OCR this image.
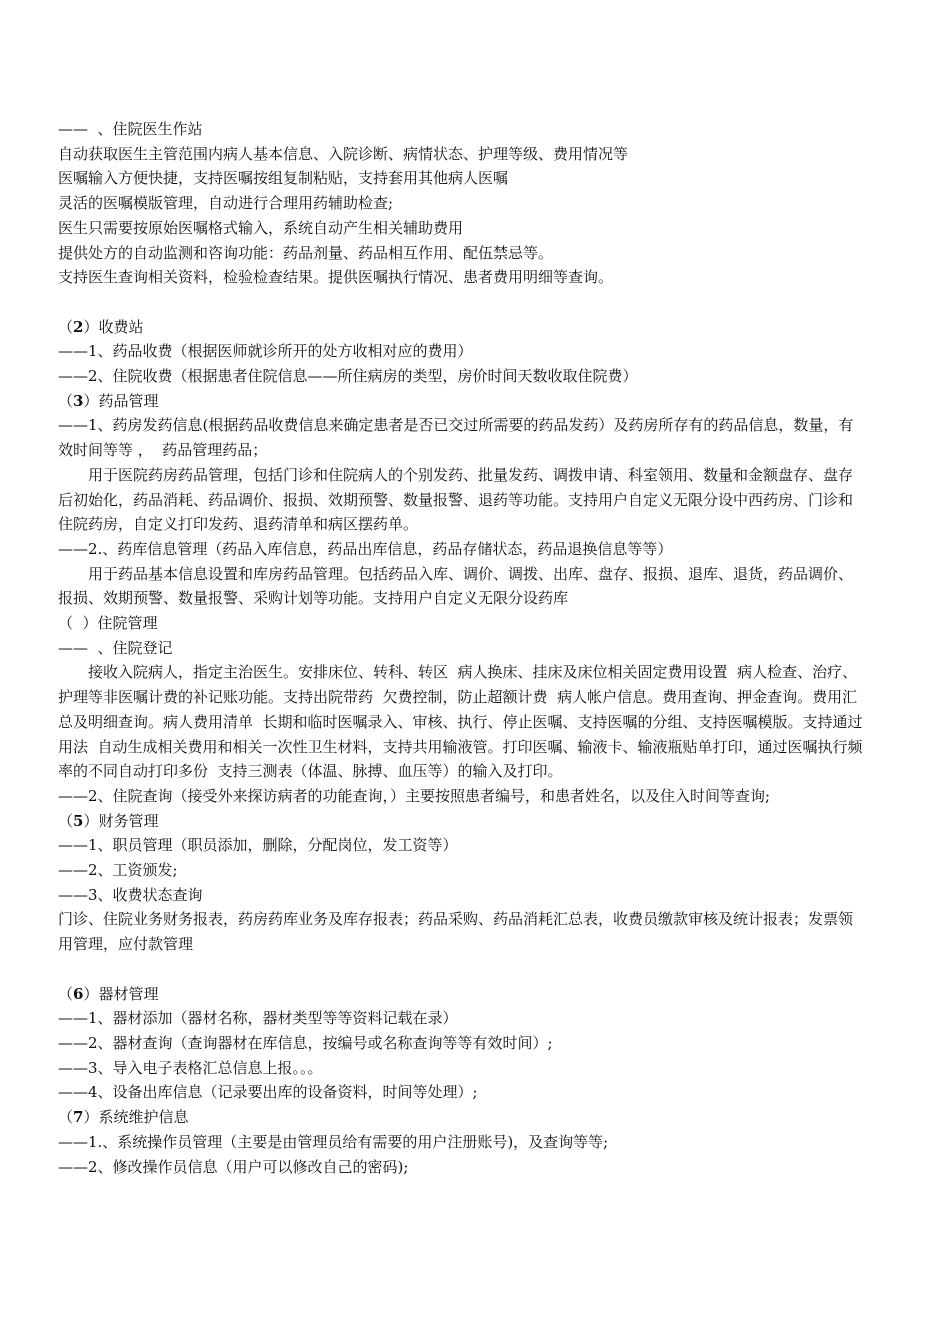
——  、住院医生作站

自动获取医生主管范围内病人基本信息、入院诊断、病情状态、护理等级、费用情况等

医嘱输入方便快捷，支持医嘱按组复制粘贴，支持套用其他病人医嘱

灵活的医嘱模版管理，自动进行合理用药辅助检查;

医生只需要按原始医嘱格式输入，系统自动产生相关辅助费用

提供处方的自动监测和咨询功能：药品剂量、药品相互作用、配伍禁忌等。

支持医生查询相关资料，检验检查结果。提供医嘱执行情况、患者费用明细等查询。

（2）收费站

——1、药品收费（根据医师就诊所开的处方收相对应的费用）

——2、住院收费（根据患者住院信息——所住病房的类型，房价时间天数收取住院费）

（3）药品管理

——1、药房发药信息(根据药品收费信息来确定患者是否已交过所需要的药品发药）及药房所存有的药品信息，数量，有效时间等等 ，  药品管理药品；

用于医院药房药品管理，包括门诊和住院病人的个别发药、批量发药、调拨申请、科室领用、数量和金额盘存、盘存后初始化，药品消耗、药品调价、报损、效期预警、数量报警、退药等功能。支持用户自定义无限分设中西药房、门诊和住院药房，自定义打印发药、退药清单和病区摆药单。

——2.、药库信息管理（药品入库信息，药品出库信息，药品存储状态，药品退换信息等等）

用于药品基本信息设置和库房药品管理。包括药品入库、调价、调拨、出库、盘存、报损、退库、退货，药品调价、报损、效期预警、数量报警、采购计划等功能。支持用户自定义无限分设药库

（  ）住院管理

——  、住院登记

接收入院病人，指定主治医生。安排床位、转科、转区  病人换床、挂床及床位相关固定费用设置  病人检查、治疗、护理等非医嘱计费的补记账功能。支持出院带药  欠费控制，防止超额计费  病人帐户信息。费用查询、押金查询。费用汇总及明细查询。病人费用清单  长期和临时医嘱录入、审核、执行、停止医嘱、支持医嘱的分组、支持医嘱模版。支持通过用法  自动生成相关费用和相关一次性卫生材料，支持共用输液管。打印医嘱、输液卡、输液瓶贴单打印，通过医嘱执行频率的不同自动打印多份  支持三测表（体温、脉搏、血压等）的输入及打印。

——2、住院查询（接受外来探访病者的功能查询，）主要按照患者编号，和患者姓名，以及住入时间等查询;

（5）财务管理

——1、职员管理（职员添加，删除，分配岗位，发工资等）

——2、工资颁发;

——3、收费状态查询

门诊、住院业务财务报表，药房药库业务及库存报表；药品采购、药品消耗汇总表，收费员缴款审核及统计报表；发票领用管理，应付款管理

（6）器材管理

——1、器材添加（器材名称，器材类型等等资料记载在录）

——2、器材查询（查询器材在库信息，按编号或名称查询等等有效时间）;

——3、导入电子表格汇总信息上报。。。

——4、设备出库信息（记录要出库的设备资料，时间等处理）;

（7）系统维护信息

——1.、系统操作员管理（主要是由管理员给有需要的用户注册账号)，及查询等等;

——2、修改操作员信息（用户可以修改自己的密码);
